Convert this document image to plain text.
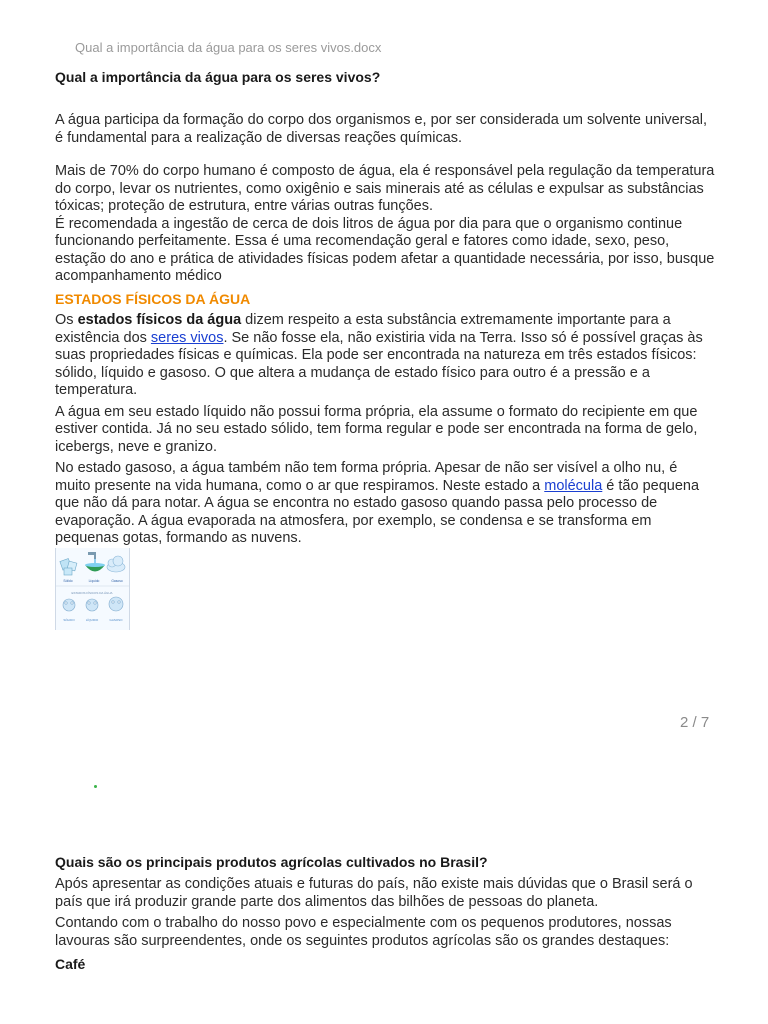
Qual a importância da água para os seres vivos.docx
Qual a importância da água para os seres vivos?

A água participa da formação do corpo dos organismos e, por ser considerada um solvente universal, é fundamental para a realização de diversas reações químicas.

Mais de 70% do corpo humano é composto de água, ela é responsável pela regulação da temperatura do corpo, levar os nutrientes, como oxigênio e sais minerais até as células e expulsar as substâncias tóxicas; proteção de estrutura, entre várias outras funções.

É recomendada a ingestão de cerca de dois litros de água por dia para que o organismo continue funcionando perfeitamente. Essa é uma recomendação geral e fatores como idade, sexo, peso, estação do ano e prática de atividades físicas podem afetar a quantidade necessária, por isso, busque acompanhamento médico

ESTADOS FÍSICOS DA ÁGUA

Os estados físicos da água dizem respeito a esta substância extremamente importante para a existência dos seres vivos. Se não fosse ela, não existiria vida na Terra. Isso só é possível graças às suas propriedades físicas e químicas. Ela pode ser encontrada na natureza em três estados físicos: sólido, líquido e gasoso. O que altera a mudança de estado físico para outro é a pressão e a temperatura.

A água em seu estado líquido não possui forma própria, ela assume o formato do recipiente em que estiver contida. Já no seu estado sólido, tem forma regular e pode ser encontrada na forma de gelo, icebergs, neve e granizo.

No estado gasoso, a água também não tem forma própria. Apesar de não ser visível a olho nu, é muito presente na vida humana, como o ar que respiramos. Neste estado a molécula é tão pequena que não dá para notar. A água se encontra no estado gasoso quando passa pelo processo de evaporação. A água evaporada na atmosfera, por exemplo, se condensa e se transforma em pequenas gotas, formando as nuvens.

Sólido	Líquido	Gasoso
ESTADOS FÍSICOS DA ÁGUA
SÓLIDO	LÍQUIDO	GASOSO
2 / 7
Quais são os principais produtos agrícolas cultivados no Brasil?

Após apresentar as condições atuais e futuras do país, não existe mais dúvidas que o Brasil será o país que irá produzir grande parte dos alimentos das bilhões de pessoas do planeta.

Contando com o trabalho do nosso povo e especialmente com os pequenos produtores, nossas lavouras são surpreendentes, onde os seguintes produtos agrícolas são os grandes destaques:

Café
